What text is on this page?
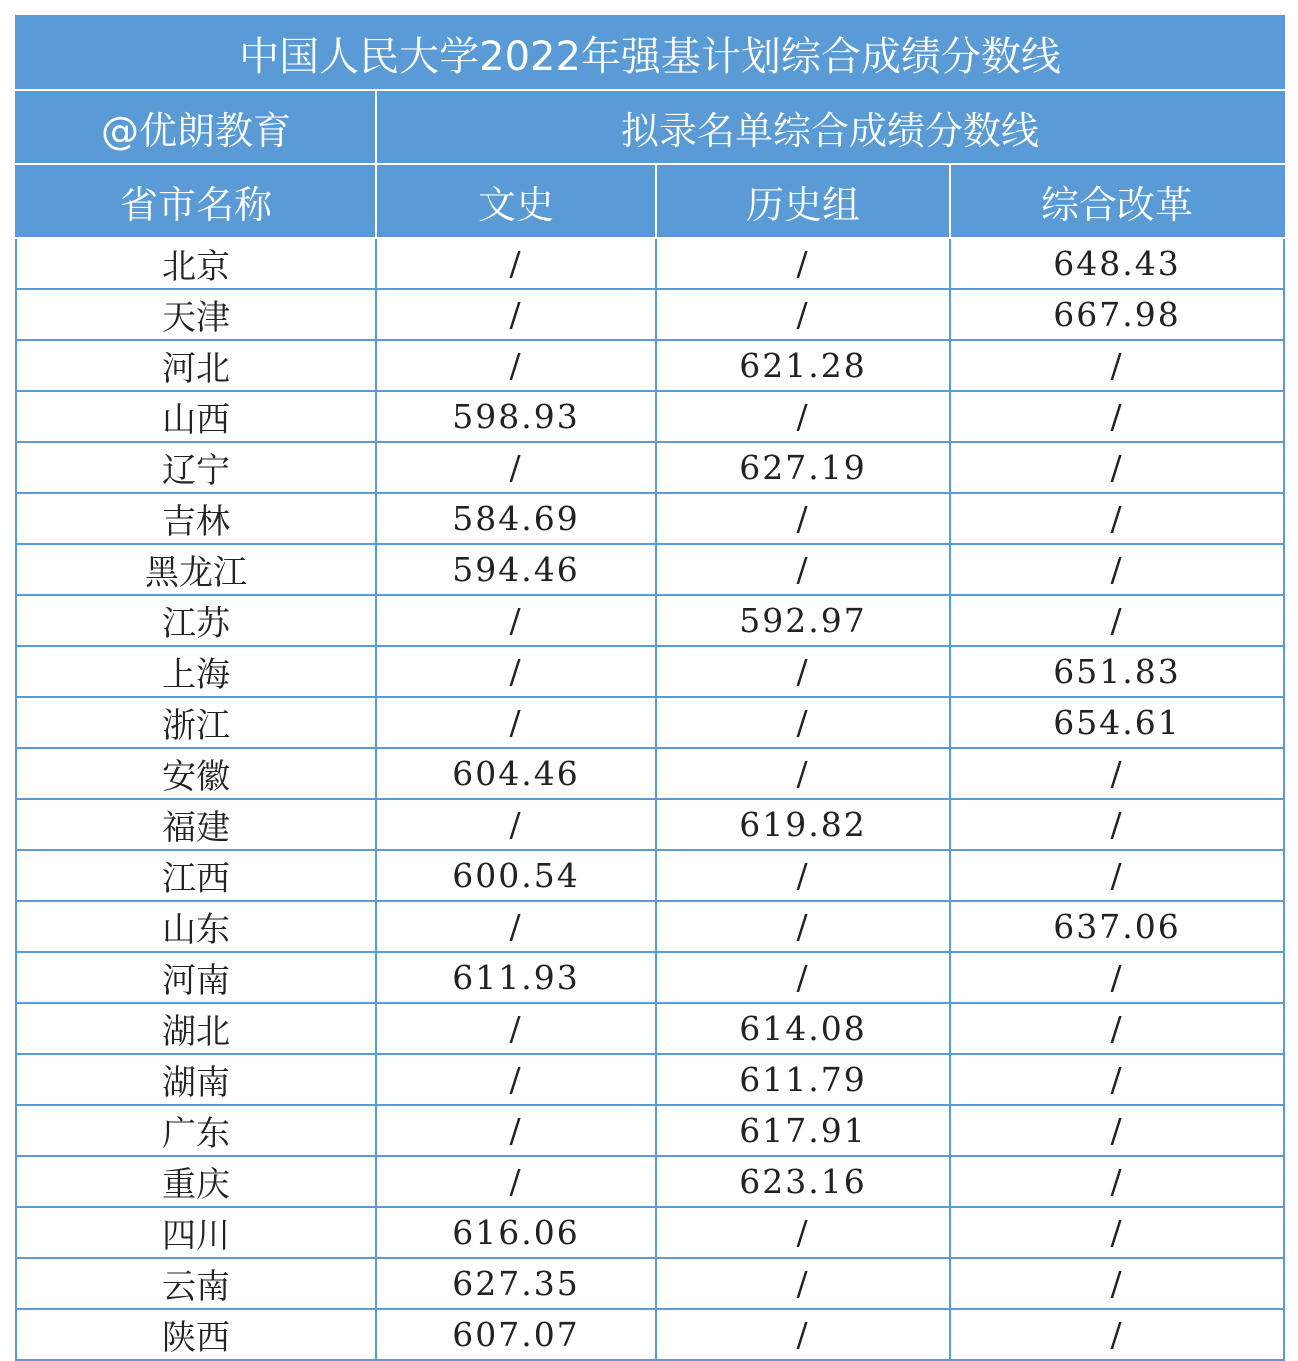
中国人民大学2022年强基计划综合成绩分数线			
@优朗教育	拟录名单综合成绩分数线		
省市名称	文史	历史组	综合改革
北京	/	/	648.43
天津	/	/	667.98
河北	/	621.28	/
山西	598.93	/	/
辽宁	/	627.19	/
吉林	584.69	/	/
黑龙江	594.46	/	/
江苏	/	592.97	/
上海	/	/	651.83
浙江	/	/	654.61
安徽	604.46	/	/
福建	/	619.82	/
江西	600.54	/	/
山东	/	/	637.06
河南	611.93	/	/
湖北	/	614.08	/
湖南	/	611.79	/
广东	/	617.91	/
重庆	/	623.16	/
四川	616.06	/	/
云南	627.35	/	/
陕西	607.07	/	/
